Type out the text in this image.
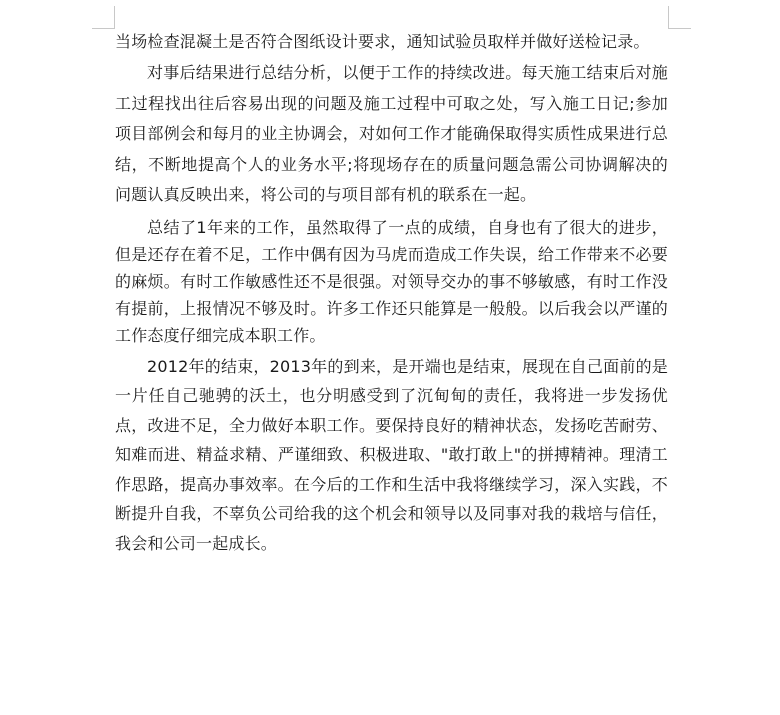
当场检查混凝土是否符合图纸设计要求，通知试验员取样并做好送检记录。

对事后结果进行总结分析，以便于工作的持续改进。每天施工结束后对施工过程找出往后容易出现的问题及施工过程中可取之处，写入施工日记;参加项目部例会和每月的业主协调会，对如何工作才能确保取得实质性成果进行总结，不断地提高个人的业务水平;将现场存在的质量问题急需公司协调解决的问题认真反映出来，将公司的与项目部有机的联系在一起。

总结了1年来的工作，虽然取得了一点的成绩，自身也有了很大的进步，但是还存在着不足，工作中偶有因为马虎而造成工作失误，给工作带来不必要的麻烦。有时工作敏感性还不是很强。对领导交办的事不够敏感，有时工作没有提前，上报情况不够及时。许多工作还只能算是一般般。以后我会以严谨的工作态度仔细完成本职工作。

2012年的结束，2013年的到来，是开端也是结束，展现在自己面前的是一片任自己驰骋的沃土，也分明感受到了沉甸甸的责任，我将进一步发扬优点，改进不足，全力做好本职工作。要保持良好的精神状态，发扬吃苦耐劳、知难而进、精益求精、严谨细致、积极进取、"敢打敢上"的拼搏精神。理清工作思路，提高办事效率。在今后的工作和生活中我将继续学习，深入实践，不断提升自我，不辜负公司给我的这个机会和领导以及同事对我的栽培与信任，我会和公司一起成长。
